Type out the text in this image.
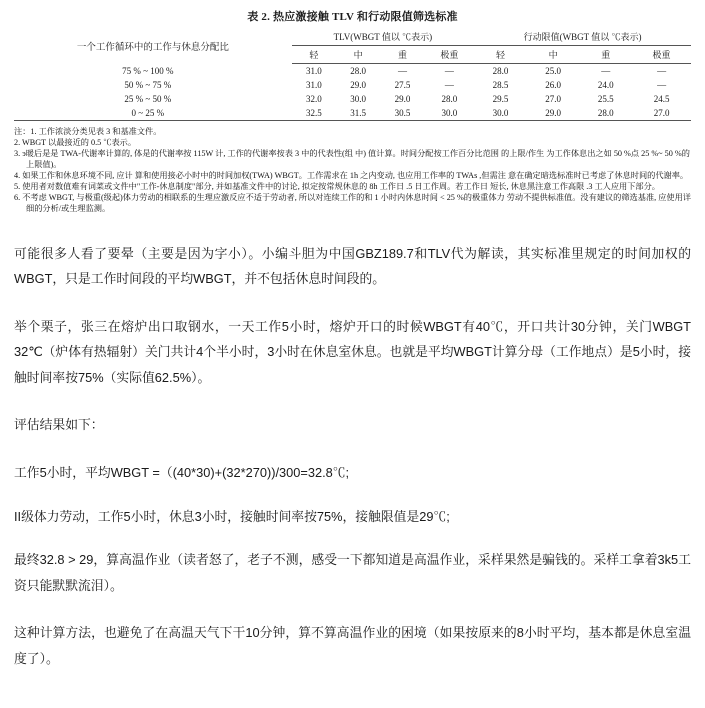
表 2. 热应激接触 TLV 和行动限值筛选标准
一个工作循环中的工作与休息分配比	TLV(WBGT 值以 ℃表示)				行动限值(WBGT 值以 ℃表示)			
	轻	中	重	极重	轻	中	重	极重
75 % ~ 100 %	31.0	28.0	—	—	28.0	25.0	—	—
50 % ~ 75 %	31.0	29.0	27.5	—	28.5	26.0	24.0	—
25 % ~ 50 %	32.0	30.0	29.0	28.0	29.5	27.0	25.5	24.5
0 ~ 25 %	32.5	31.5	30.5	30.0	30.0	29.0	28.0	27.0
注：1. 工作浓淡分类见表 3 和基准文件。
2. WBGT 以最接近的 0.5 ℃表示。
3. э暖后是是 TWA-代谢率计算的, 体是的代谢率按 115W 计, 工作的代谢率按表 3 中的代表性(组 中) 值计算。时间分配按工作百分比范围 的上限/作生 为工作体息出之如 50 %点 25 %~ 50 %的上限值)。
4. 如果工作和休息环境不同, 应计 算和使用接必小时中的时间加权(TWA) WBGT。工作需求在 1h 之内变动, 也应用工作率的 TWAs ,但需注 意在确定暗选标准时已考虑了休息时间的代谢率。
5. 使用者对数值难有词菜或文件中"工作-休息制度"部分, 并如基准文件中的讨论, 拟定按常规休息的 8h 工作日 .5 日工作周。若工作日 短长, 休息黑注意工作高限 .3 工人应用下部分。
6. 不考虑 WBGT, 与极重(级起)体力劳动的相联系的生理应激反应不适于劳动者, 所以对连续工作的和 1 小时内休息时间 < 25 %的极重体力 劳动不提供标准值。没有建议的筛选基准, 应使用详细的分析/或生理监测。

可能很多人看了要晕（主要是因为字小）。小编斗胆为中国GBZ189.7和TLV代为解读，其实标准里规定的时间加权的WBGT，只是工作时间段的平均WBGT，并不包括休息时间段的。

举个栗子，张三在熔炉出口取钢水，一天工作5小时，熔炉开口的时候WBGT有40℃，开口共计30分钟，关门WBGT 32℃（炉体有热辐射）关门共计4个半小时，3小时在休息室休息。也就是平均WBGT计算分母（工作地点）是5小时，接触时间率按75%（实际值62.5%）。

评估结果如下：

工作5小时，平均WBGT =（(40*30)+(32*270))/300=32.8℃;

II级体力劳动，工作5小时，休息3小时，接触时间率按75%，接触限值是29℃;

最终32.8 > 29，算高温作业（读者怒了，老子不测，感受一下都知道是高温作业，采样果然是骗钱的。采样工拿着3k5工资只能默默流泪）。

这种计算方法，也避免了在高温天气下干10分钟，算不算高温作业的困境（如果按原来的8小时平均，基本都是休息室温度了）。
